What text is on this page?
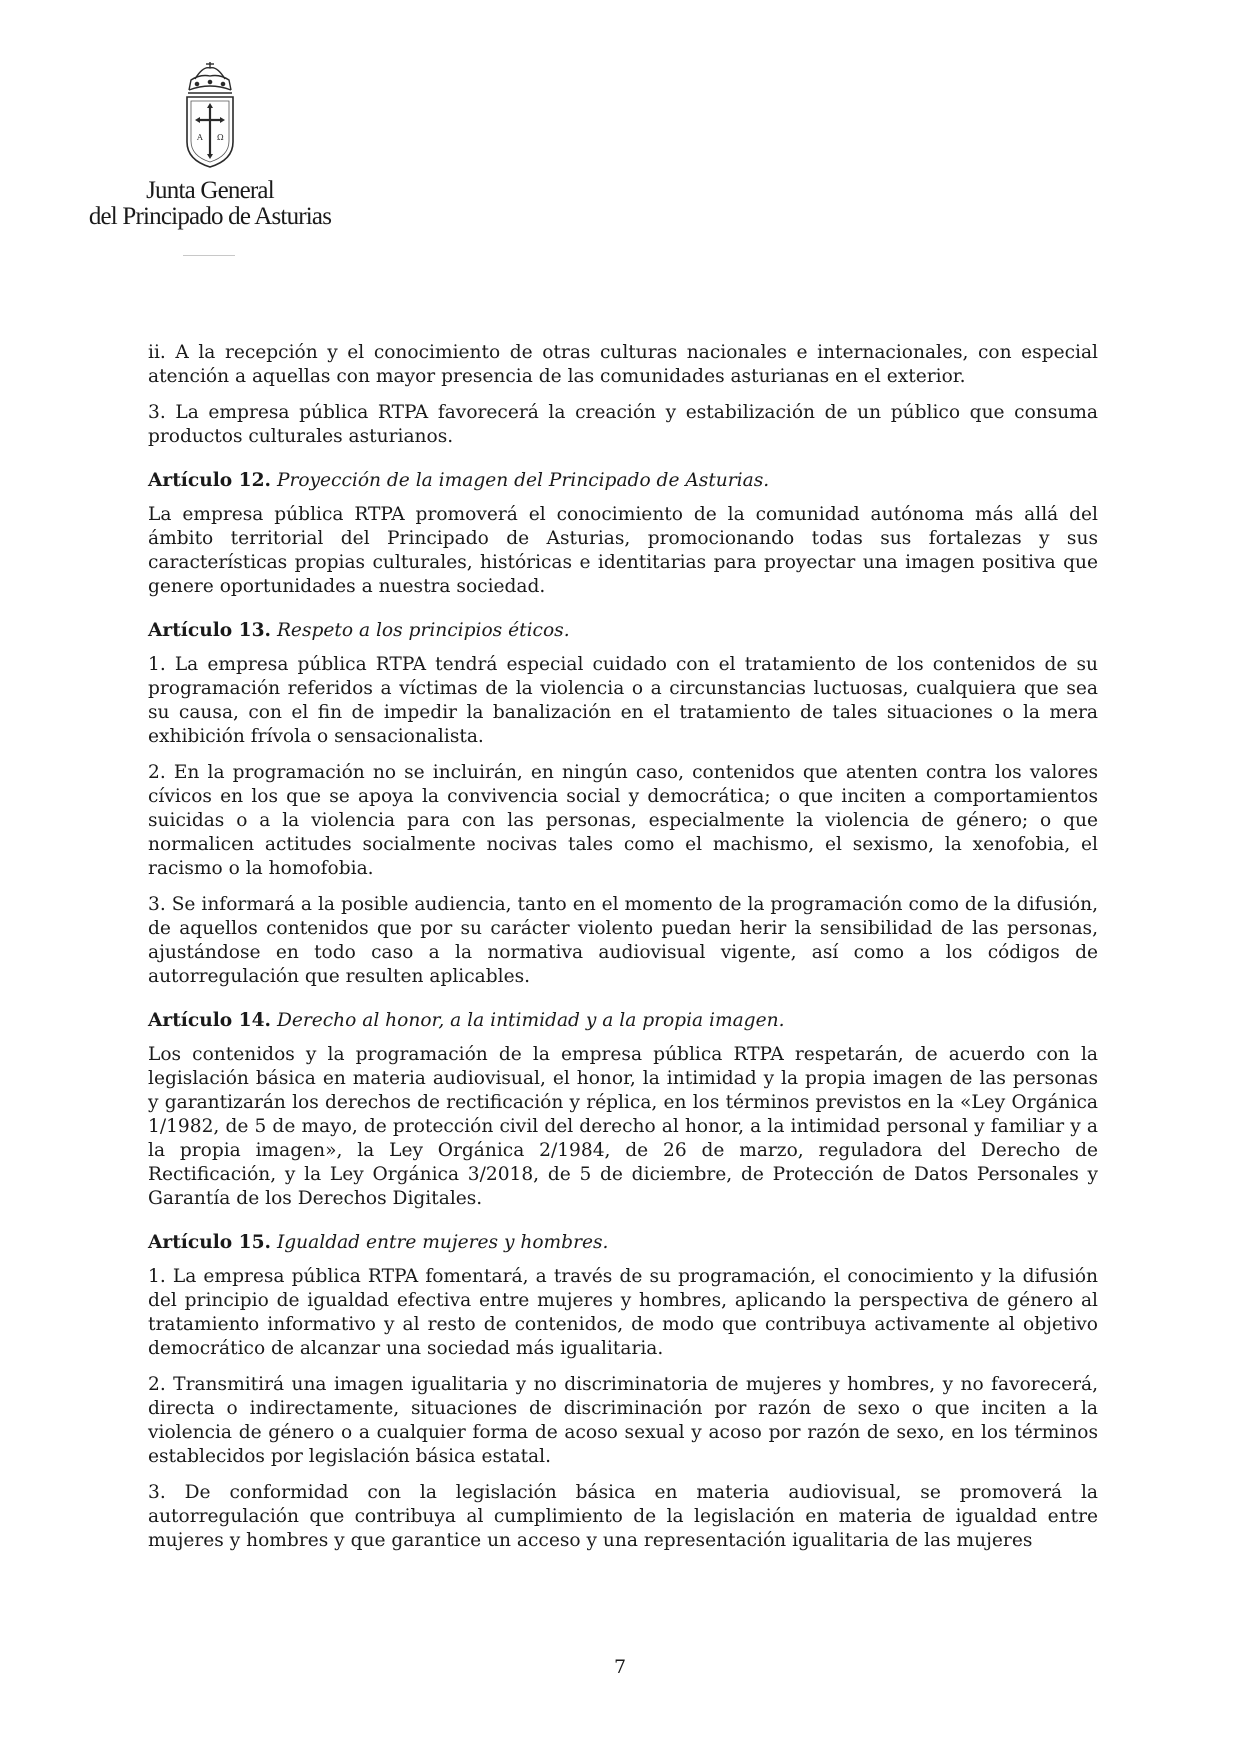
A Ω
Junta General
del Principado de Asturias

ii. A la recepción y el conocimiento de otras culturas nacionales e internacionales, con especial atención a aquellas con mayor presencia de las comunidades asturianas en el exterior.

3. La empresa pública RTPA favorecerá la creación y estabilización de un público que consuma productos culturales asturianos.

Artículo 12. Proyección de la imagen del Principado de Asturias.

La empresa pública RTPA promoverá el conocimiento de la comunidad autónoma más allá del ámbito territorial del Principado de Asturias, promocionando todas sus fortalezas y sus características propias culturales, históricas e identitarias para proyectar una imagen positiva que genere oportunidades a nuestra sociedad.

Artículo 13. Respeto a los principios éticos.

1. La empresa pública RTPA tendrá especial cuidado con el tratamiento de los contenidos de su programación referidos a víctimas de la violencia o a circunstancias luctuosas, cualquiera que sea su causa, con el fin de impedir la banalización en el tratamiento de tales situaciones o la mera exhibición frívola o sensacionalista.

2. En la programación no se incluirán, en ningún caso, contenidos que atenten contra los valores cívicos en los que se apoya la convivencia social y democrática; o que inciten a comportamientos suicidas o a la violencia para con las personas, especialmente la violencia de género; o que normalicen actitudes socialmente nocivas tales como el machismo, el sexismo, la xenofobia, el racismo o la homofobia.

3. Se informará a la posible audiencia, tanto en el momento de la programación como de la difusión, de aquellos contenidos que por su carácter violento puedan herir la sensibilidad de las personas, ajustándose en todo caso a la normativa audiovisual vigente, así como a los códigos de autorregulación que resulten aplicables.

Artículo 14. Derecho al honor, a la intimidad y a la propia imagen.

Los contenidos y la programación de la empresa pública RTPA respetarán, de acuerdo con la legislación básica en materia audiovisual, el honor, la intimidad y la propia imagen de las personas y garantizarán los derechos de rectificación y réplica, en los términos previstos en la «Ley Orgánica 1/1982, de 5 de mayo, de protección civil del derecho al honor, a la intimidad personal y familiar y a la propia imagen», la Ley Orgánica 2/1984, de 26 de marzo, reguladora del Derecho de Rectificación, y la Ley Orgánica 3/2018, de 5 de diciembre, de Protección de Datos Personales y Garantía de los Derechos Digitales.

Artículo 15. Igualdad entre mujeres y hombres.

1. La empresa pública RTPA fomentará, a través de su programación, el conocimiento y la difusión del principio de igualdad efectiva entre mujeres y hombres, aplicando la perspectiva de género al tratamiento informativo y al resto de contenidos, de modo que contribuya activamente al objetivo democrático de alcanzar una sociedad más igualitaria.

2. Transmitirá una imagen igualitaria y no discriminatoria de mujeres y hombres, y no favorecerá, directa o indirectamente, situaciones de discriminación por razón de sexo o que inciten a la violencia de género o a cualquier forma de acoso sexual y acoso por razón de sexo, en los términos establecidos por legislación básica estatal.

3. De conformidad con la legislación básica en materia audiovisual, se promoverá la autorregulación que contribuya al cumplimiento de la legislación en materia de igualdad entre mujeres y hombres y que garantice un acceso y una representación igualitaria de las mujeres

7
